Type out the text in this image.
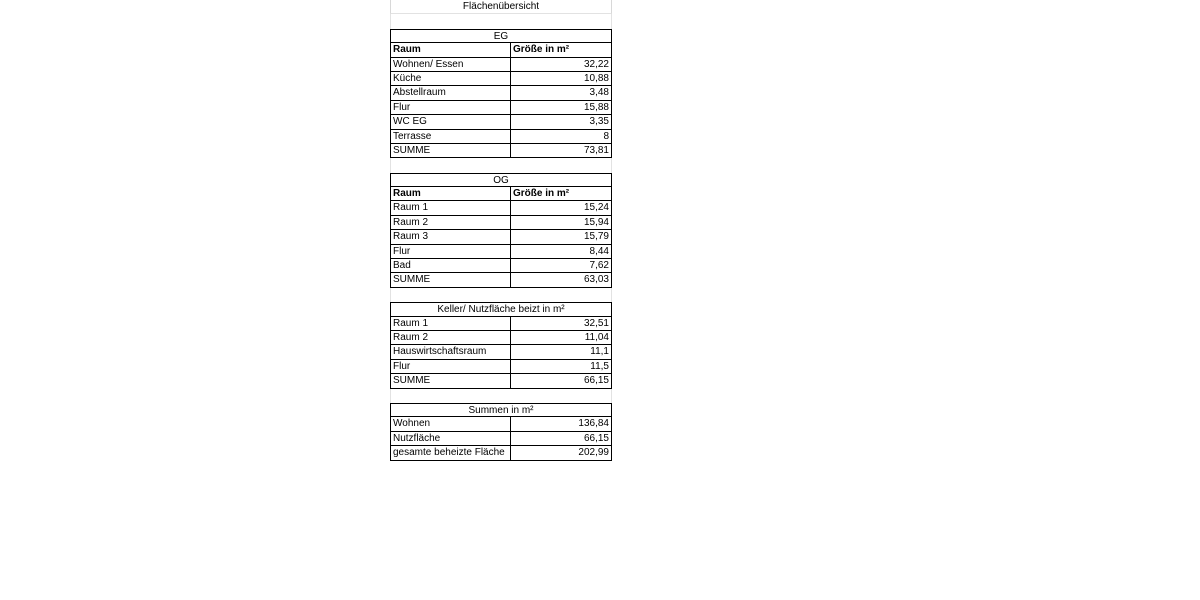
Flächenübersicht
EG
Raum	Größe in m²
Wohnen/ Essen	32,22
Küche	10,88
Abstellraum	3,48
Flur	15,88
WC EG	3,35
Terrasse	8
SUMME	73,81
OG
Raum	Größe in m²
Raum 1	15,24
Raum 2	15,94
Raum 3	15,79
Flur	8,44
Bad	7,62
SUMME	63,03
Keller/ Nutzfläche beizt in m²
Raum 1	32,51
Raum 2	11,04
Hauswirtschaftsraum	11,1
Flur	11,5
SUMME	66,15
Summen in m²
Wohnen	136,84
Nutzfläche	66,15
gesamte beheizte Fläche	202,99
